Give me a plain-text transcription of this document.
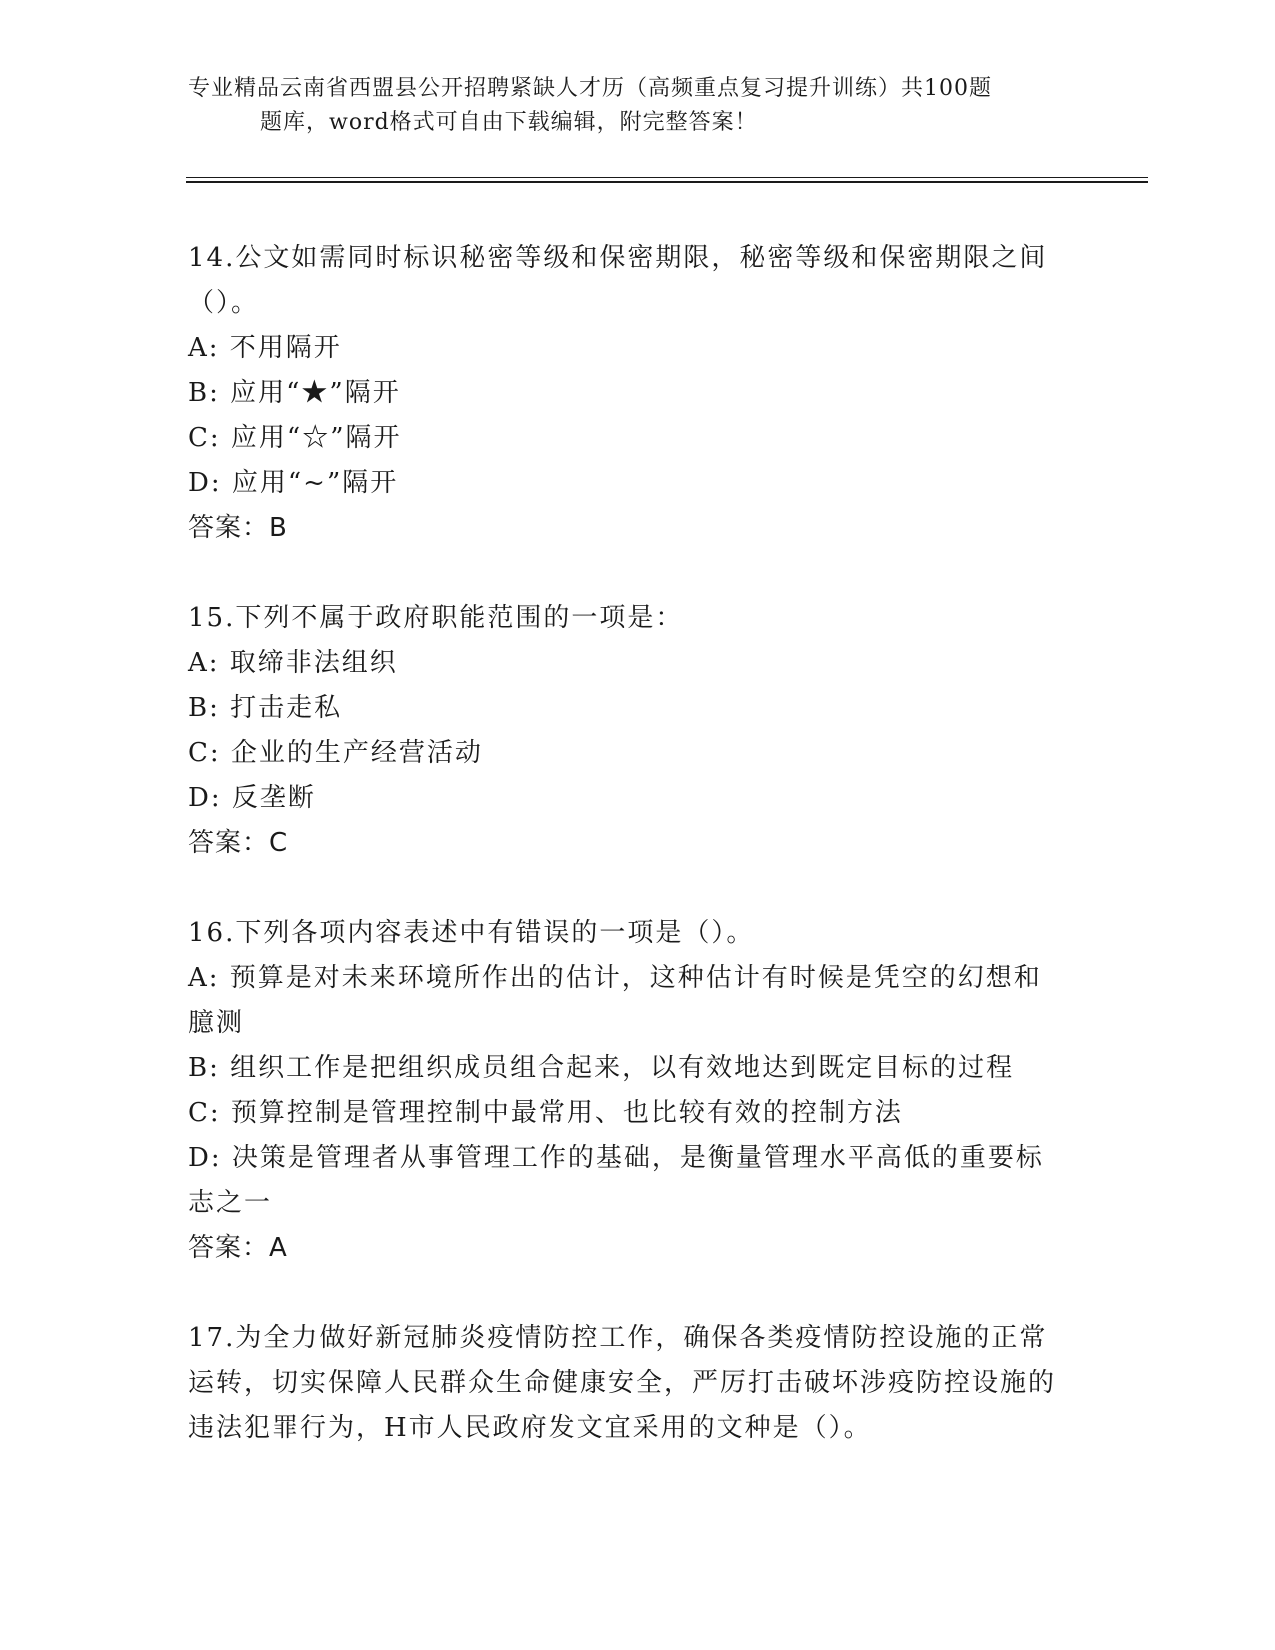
专业精品云南省西盟县公开招聘紧缺人才历（高频重点复习提升训练）共100题
题库，word格式可自由下载编辑，附完整答案！

14.公文如需同时标识秘密等级和保密期限，秘密等级和保密期限之间（）。

A: 不用隔开

B: 应用“★”隔开

C: 应用“☆”隔开

D: 应用“~”隔开

答案：B

15.下列不属于政府职能范围的一项是：

A: 取缔非法组织

B: 打击走私

C: 企业的生产经营活动

D: 反垄断

答案：C

16.下列各项内容表述中有错误的一项是（）。

A: 预算是对未来环境所作出的估计，这种估计有时候是凭空的幻想和臆测

B: 组织工作是把组织成员组合起来，以有效地达到既定目标的过程

C: 预算控制是管理控制中最常用、也比较有效的控制方法

D: 决策是管理者从事管理工作的基础，是衡量管理水平高低的重要标志之一

答案：A

17.为全力做好新冠肺炎疫情防控工作，确保各类疫情防控设施的正常运转，切实保障人民群众生命健康安全，严厉打击破坏涉疫防控设施的违法犯罪行为，H市人民政府发文宜采用的文种是（）。
